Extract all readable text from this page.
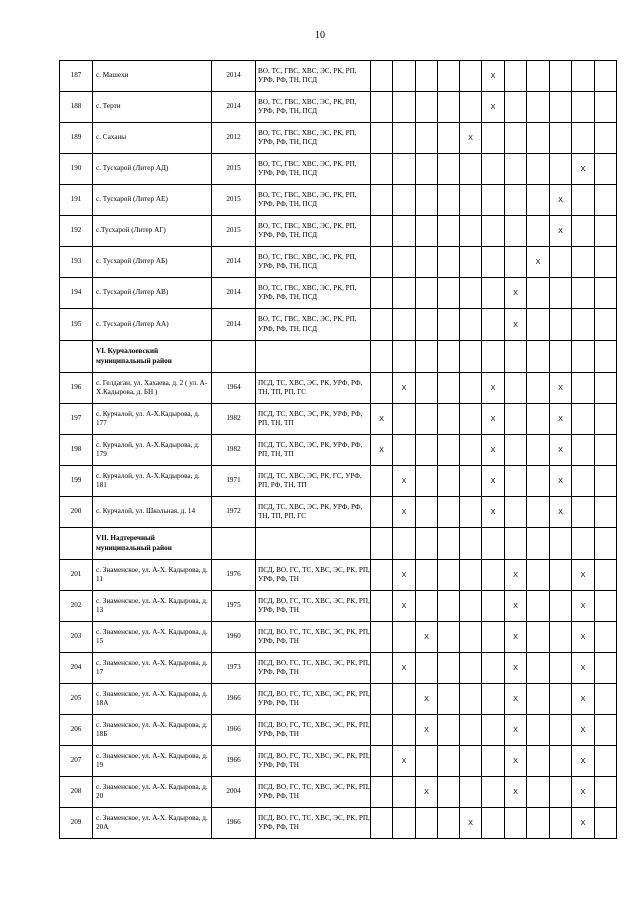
10
187	с. Машехи	2014	ВО, ТС, ГВС, ХВС, ЭС, РК, РП, УРФ, РФ, ТН, ПСД						X					
188	с. Терти	2014	ВО, ТС, ГВС, ХВС, ЭС, РК, РП, УРФ, РФ, ТН, ПСД						X					
189	с. Саханы	2012	ВО, ТС, ГВС, ХВС, ЭС, РК, РП, УРФ, РФ, ТН, ПСД					X						
190	с. Тусхарой (Литер АД)	2015	ВО, ТС, ГВС, ХВС, ЭС, РК, РП, УРФ, РФ, ТН, ПСД										X	
191	с. Тусхарой (Литер АЕ)	2015	ВО, ТС, ГВС, ХВС, ЭС, РК, РП, УРФ, РФ, ТН, ПСД									X		
192	с.Тусхарой (Литер АГ)	2015	ВО, ТС, ГВС, ХВС, ЭС, РК, РП, УРФ, РФ, ТН, ПСД									X		
193	с. Тусхарой (Литер АБ)	2014	ВО, ТС, ГВС, ХВС, ЭС, РК, РП, УРФ, РФ, ТН, ПСД								X			
194	с. Тусхарой (Литер АВ)	2014	ВО, ТС, ГВС, ХВС, ЭС, РК, РП, УРФ, РФ, ТН, ПСД							X				
195	с. Тусхарой (Литер АА)	2014	ВО, ТС, ГВС, ХВС, ЭС, РК, РП, УРФ, РФ, ТН, ПСД							X				
	VI. Курчалоевский муниципальный район													
196	с. Гелдаган, ул. Хахаева, д. 2 ( ул. А-Х.Кадырова, д. БН )	1964	ПСД, ТС, ХВС, ЭС, РК, УРФ, РФ, ТН, ТП, РП, ГС		X				X			X		
197	с. Курчалой, ул. А-Х.Кадырова, д. 177	1982	ПСД, ТС, ХВС, ЭС, РК, УРФ, РФ, РП, ТН, ТП	X					X			X		
198	с. Курчалой, ул. А-Х.Кадырова, д. 179	1982	ПСД, ТС, ХВС, ЭС, РК, УРФ, РФ, РП, ТН, ТП	X					X			X		
199	с. Курчалой, ул. А-Х.Кадырова, д. 181	1971	ПСД, ТС, ХВС, ЭС, РК, ГС, УРФ, РП, РФ, ТН, ТП		X				X			X		
200	с. Курчалой, ул. Школьная, д. 14	1972	ПСД, ТС, ХВС, ЭС, РК, УРФ, РФ, ТН, ТП, РП, ГС		X				X			X		
	VII. Надтеречный муниципальный район													
201	с. Знаменское, ул. А-Х. Кадырова, д. 11	1976	ПСД, ВО, ГС, ТС, ХВС, ЭС, РК, РП, УРФ, РФ, ТН		X					X			X	
202	с. Знаменское, ул. А-Х. Кадырова, д. 13	1975	ПСД, ВО, ГС, ТС, ХВС, ЭС, РК, РП, УРФ, РФ, ТН		X					X			X	
203	с. Знаменское, ул. А-Х. Кадырова, д. 15	1960	ПСД, ВО, ГС, ТС, ХВС, ЭС, РК, РП, УРФ, РФ, ТН			X				X			X	
204	с. Знаменское, ул. А-Х. Кадырова, д. 17	1973	ПСД, ВО, ГС, ТС, ХВС, ЭС, РК, РП, УРФ, РФ, ТН		X					X			X	
205	с. Знаменское, ул. А-Х. Кадырова, д. 18А	1966	ПСД, ВО, ГС, ТС, ХВС, ЭС, РК, РП, УРФ, РФ, ТН			X				X			X	
206	с. Знаменское, ул. А-Х. Кадырова, д. 18Б	1966	ПСД, ВО, ГС, ТС, ХВС, ЭС, РК, РП, УРФ, РФ, ТН			X				X			X	
207	с. Знаменское, ул. А-Х. Кадырова, д. 19	1966	ПСД, ВО, ГС, ТС, ХВС, ЭС, РК, РП, УРФ, РФ, ТН		X					X			X	
208	с. Знаменское, ул. А-Х. Кадырова, д. 20	2004	ПСД, ВО, ГС, ТС, ХВС, ЭС, РК, РП, УРФ, РФ, ТН			X				X			X	
209	с. Знаменское, ул. А-Х. Кадырова, д. 20А	1966	ПСД, ВО, ГС, ТС, ХВС, ЭС, РК, РП, УРФ, РФ, ТН					X					X	
